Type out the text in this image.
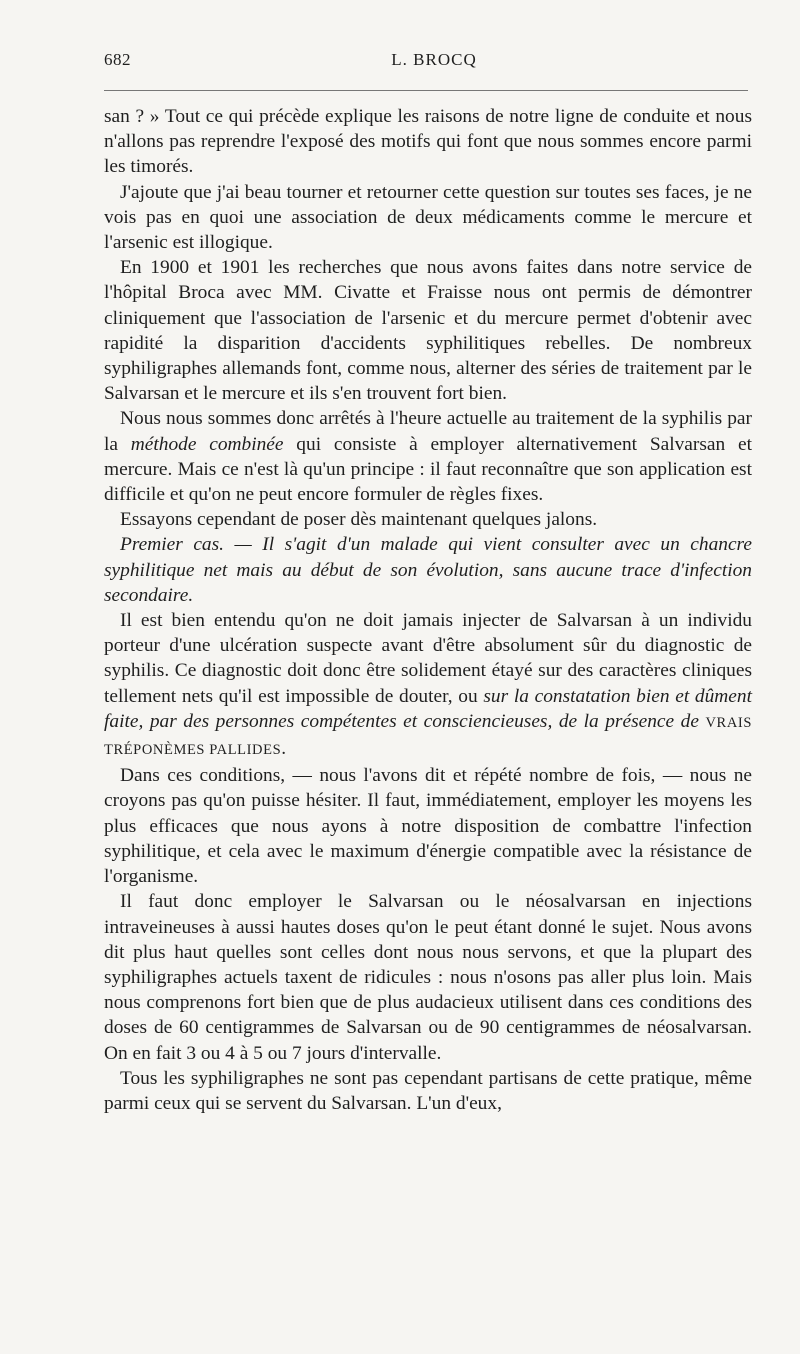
682	L. BROCQ

san ? » Tout ce qui précède explique les raisons de notre ligne de conduite et nous n'allons pas reprendre l'exposé des motifs qui font que nous sommes encore parmi les timorés.

J'ajoute que j'ai beau tourner et retourner cette question sur toutes ses faces, je ne vois pas en quoi une association de deux médicaments comme le mercure et l'arsenic est illogique.

En 1900 et 1901 les recherches que nous avons faites dans notre service de l'hôpital Broca avec MM. Civatte et Fraisse nous ont permis de démontrer cliniquement que l'association de l'arsenic et du mercure permet d'obtenir avec rapidité la disparition d'accidents syphilitiques rebelles. De nombreux syphiligraphes allemands font, comme nous, alterner des séries de traitement par le Salvarsan et le mercure et ils s'en trouvent fort bien.

Nous nous sommes donc arrêtés à l'heure actuelle au traitement de la syphilis par la méthode combinée qui consiste à employer alternativement Salvarsan et mercure. Mais ce n'est là qu'un principe : il faut reconnaître que son application est difficile et qu'on ne peut encore formuler de règles fixes.

Essayons cependant de poser dès maintenant quelques jalons.

Premier cas. — Il s'agit d'un malade qui vient consulter avec un chancre syphilitique net mais au début de son évolution, sans aucune trace d'infection secondaire.

Il est bien entendu qu'on ne doit jamais injecter de Salvarsan à un individu porteur d'une ulcération suspecte avant d'être absolument sûr du diagnostic de syphilis. Ce diagnostic doit donc être solidement étayé sur des caractères cliniques tellement nets qu'il est impossible de douter, ou sur la constatation bien et dûment faite, par des personnes compétentes et consciencieuses, de la présence de VRAIS TRÉPONÈMES PALLIDES.

Dans ces conditions, — nous l'avons dit et répété nombre de fois, — nous ne croyons pas qu'on puisse hésiter. Il faut, immédiatement, employer les moyens les plus efficaces que nous ayons à notre disposition de combattre l'infection syphilitique, et cela avec le maximum d'énergie compatible avec la résistance de l'organisme.

Il faut donc employer le Salvarsan ou le néosalvarsan en injections intraveineuses à aussi hautes doses qu'on le peut étant donné le sujet. Nous avons dit plus haut quelles sont celles dont nous nous servons, et que la plupart des syphiligraphes actuels taxent de ridicules : nous n'osons pas aller plus loin. Mais nous comprenons fort bien que de plus audacieux utilisent dans ces conditions des doses de 60 centigrammes de Salvarsan ou de 90 centigrammes de néosalvarsan. On en fait 3 ou 4 à 5 ou 7 jours d'intervalle.

Tous les syphiligraphes ne sont pas cependant partisans de cette pratique, même parmi ceux qui se servent du Salvarsan. L'un d'eux,
